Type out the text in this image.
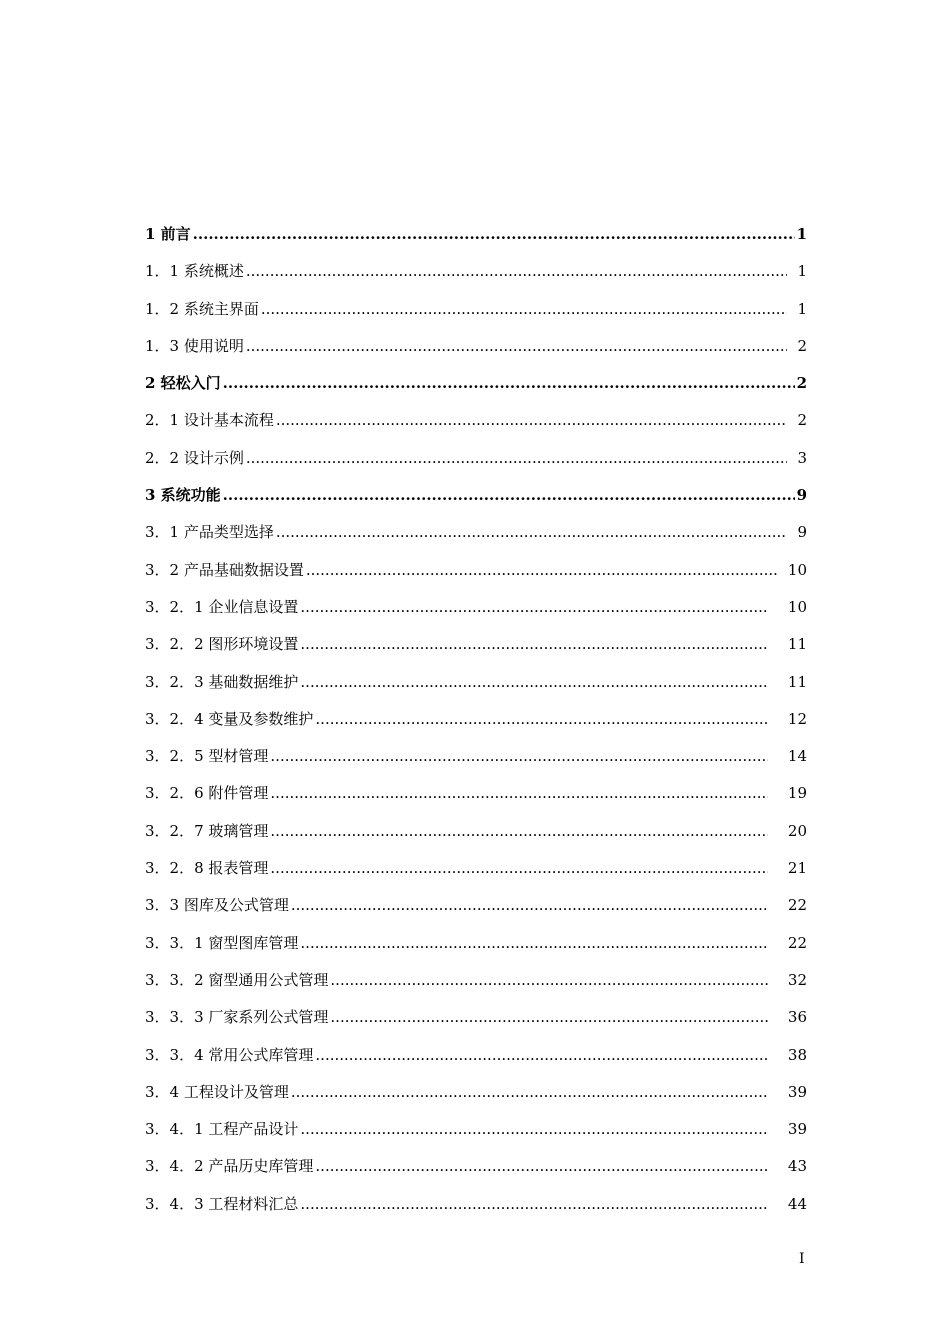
1 前言 .....	1
1．1 系统概述 .....	1
1．2 系统主界面 .....	1
1．3 使用说明 .....	2
2 轻松入门 .....	2
2．1 设计基本流程 .....	2
2．2 设计示例 .....	3
3 系统功能 .....	9
3．1 产品类型选择 .....	9
3．2 产品基础数据设置 .....	10
3．2．1 企业信息设置 .....	10
3．2．2 图形环境设置 .....	11
3．2．3 基础数据维护 .....	11
3．2．4 变量及参数维护 .....	12
3．2．5 型材管理 .....	14
3．2．6 附件管理 .....	19
3．2．7 玻璃管理 .....	20
3．2．8 报表管理 .....	21
3．3 图库及公式管理 .....	22
3．3．1 窗型图库管理 .....	22
3．3．2 窗型通用公式管理 .....	32
3．3．3 厂家系列公式管理 .....	36
3．3．4 常用公式库管理 .....	38
3．4 工程设计及管理 .....	39
3．4．1 工程产品设计 .....	39
3．4．2 产品历史库管理 .....	43
3．4．3 工程材料汇总 .....	44
I
